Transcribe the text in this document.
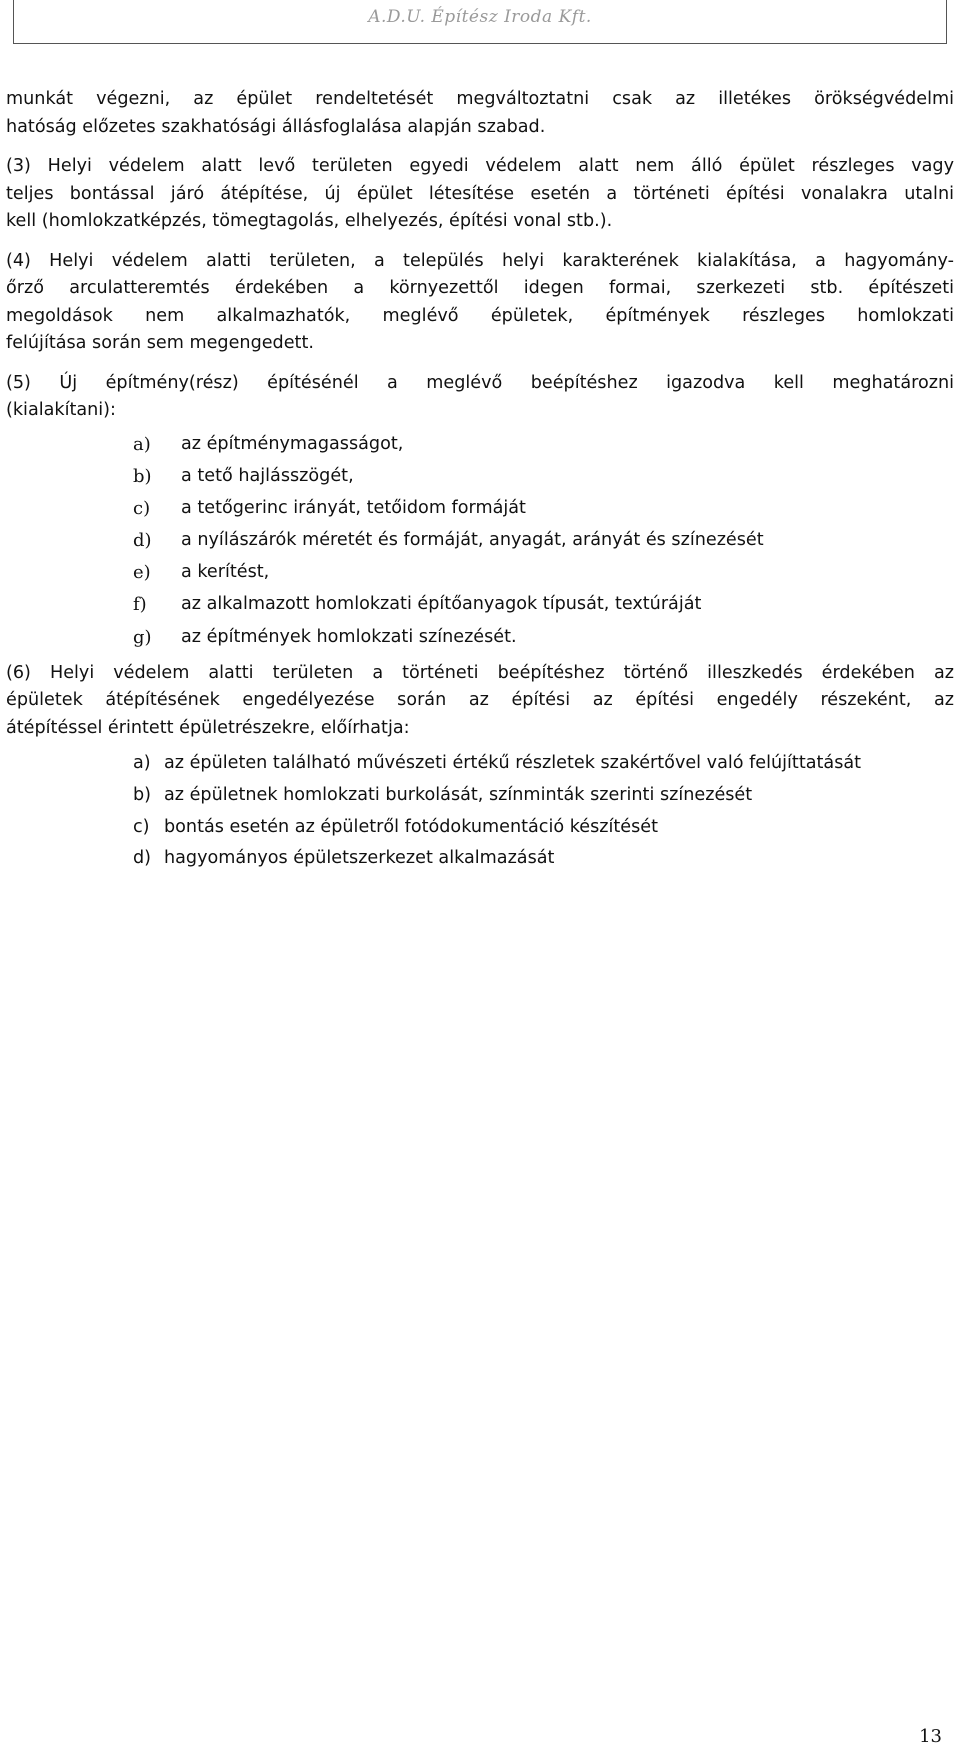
A.D.U. Építész Iroda Kft.
munkát végezni, az épület rendeltetését megváltoztatni csak az illetékes örökségvédelmi
hatóság előzetes szakhatósági állásfoglalása alapján szabad.
(3) Helyi védelem alatt levő területen egyedi védelem alatt nem álló épület részleges vagy
teljes bontással járó átépítése, új épület létesítése esetén a történeti építési vonalakra utalni
kell (homlokzatképzés, tömegtagolás, elhelyezés, építési vonal stb.).
(4) Helyi védelem alatti területen, a település helyi karakterének kialakítása, a hagyomány-
őrző arculatteremtés érdekében a környezettől idegen formai, szerkezeti stb. építészeti
megoldások nem alkalmazhatók, meglévő épületek, építmények részleges homlokzati
felújítása során sem megengedett.
(5) Új építmény(rész) építésénél a meglévő beépítéshez igazodva kell meghatározni
(kialakítani):
a) az építménymagasságot,
b) a tető hajlásszögét,
c) a tetőgerinc irányát, tetőidom formáját
d) a nyílászárók méretét és formáját, anyagát, arányát és színezését
e) a kerítést,
f) az alkalmazott homlokzati építőanyagok típusát, textúráját
g) az építmények homlokzati színezését.
(6) Helyi védelem alatti területen a történeti beépítéshez történő illeszkedés érdekében az
épületek átépítésének engedélyezése során az építési az építési engedély részeként, az
átépítéssel érintett épületrészekre, előírhatja:
a) az épületen található művészeti értékű részletek szakértővel való felújíttatását
b) az épületnek homlokzati burkolását, színminták szerinti színezését
c) bontás esetén az épületről fotódokumentáció készítését
d) hagyományos épületszerkezet alkalmazását
13
